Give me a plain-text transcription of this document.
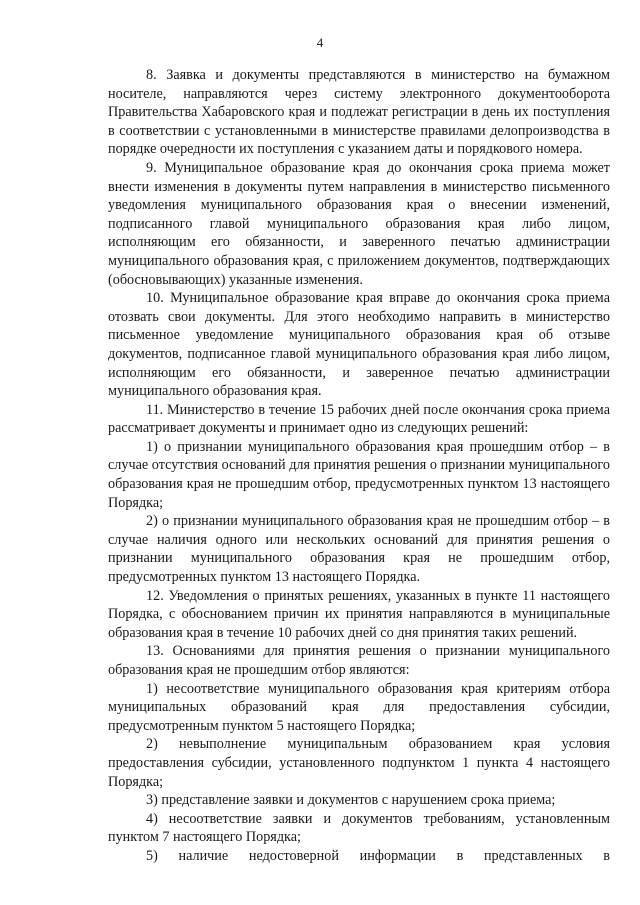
4

8. Заявка и документы представляются в министерство на бумажном носителе, направляются через систему электронного документооборота Правительства Хабаровского края и подлежат регистрации в день их поступления в соответствии с установленными в министерстве правилами делопроизводства в порядке очередности их поступления с указанием даты и порядкового номера.

9. Муниципальное образование края до окончания срока приема может внести изменения в документы путем направления в министерство письменного уведомления муниципального образования края о внесении изменений, подписанного главой муниципального образования края либо лицом, исполняющим его обязанности, и заверенного печатью администрации муниципального образования края, с приложением документов, подтверждающих (обосновывающих) указанные изменения.

10. Муниципальное образование края вправе до окончания срока приема отозвать свои документы. Для этого необходимо направить в министерство письменное уведомление муниципального образования края об отзыве документов, подписанное главой муниципального образования края либо лицом, исполняющим его обязанности, и заверенное печатью администрации муниципального образования края.

11. Министерство в течение 15 рабочих дней после окончания срока приема рассматривает документы и принимает одно из следующих решений:

1) о признании муниципального образования края прошедшим отбор – в случае отсутствия оснований для принятия решения о признании муниципального образования края не прошедшим отбор, предусмотренных пунктом 13 настоящего Порядка;

2) о признании муниципального образования края не прошедшим отбор – в случае наличия одного или нескольких оснований для принятия решения о признании муниципального образования края не прошедшим отбор, предусмотренных пунктом 13 настоящего Порядка.

12. Уведомления о принятых решениях, указанных в пункте 11 настоящего Порядка, с обоснованием причин их принятия направляются в муниципальные образования края в течение 10 рабочих дней со дня принятия таких решений.

13. Основаниями для принятия решения о признании муниципального образования края не прошедшим отбор являются:

1) несоответствие муниципального образования края критериям отбора муниципальных образований края для предоставления субсидии, предусмотренным пунктом 5 настоящего Порядка;

2) невыполнение муниципальным образованием края условия предоставления субсидии, установленного подпунктом 1 пункта 4 настоящего Порядка;

3) представление заявки и документов с нарушением срока приема;

4) несоответствие заявки и документов требованиям, установленным пунктом 7 настоящего Порядка;

5) наличие недостоверной информации в представленных в
